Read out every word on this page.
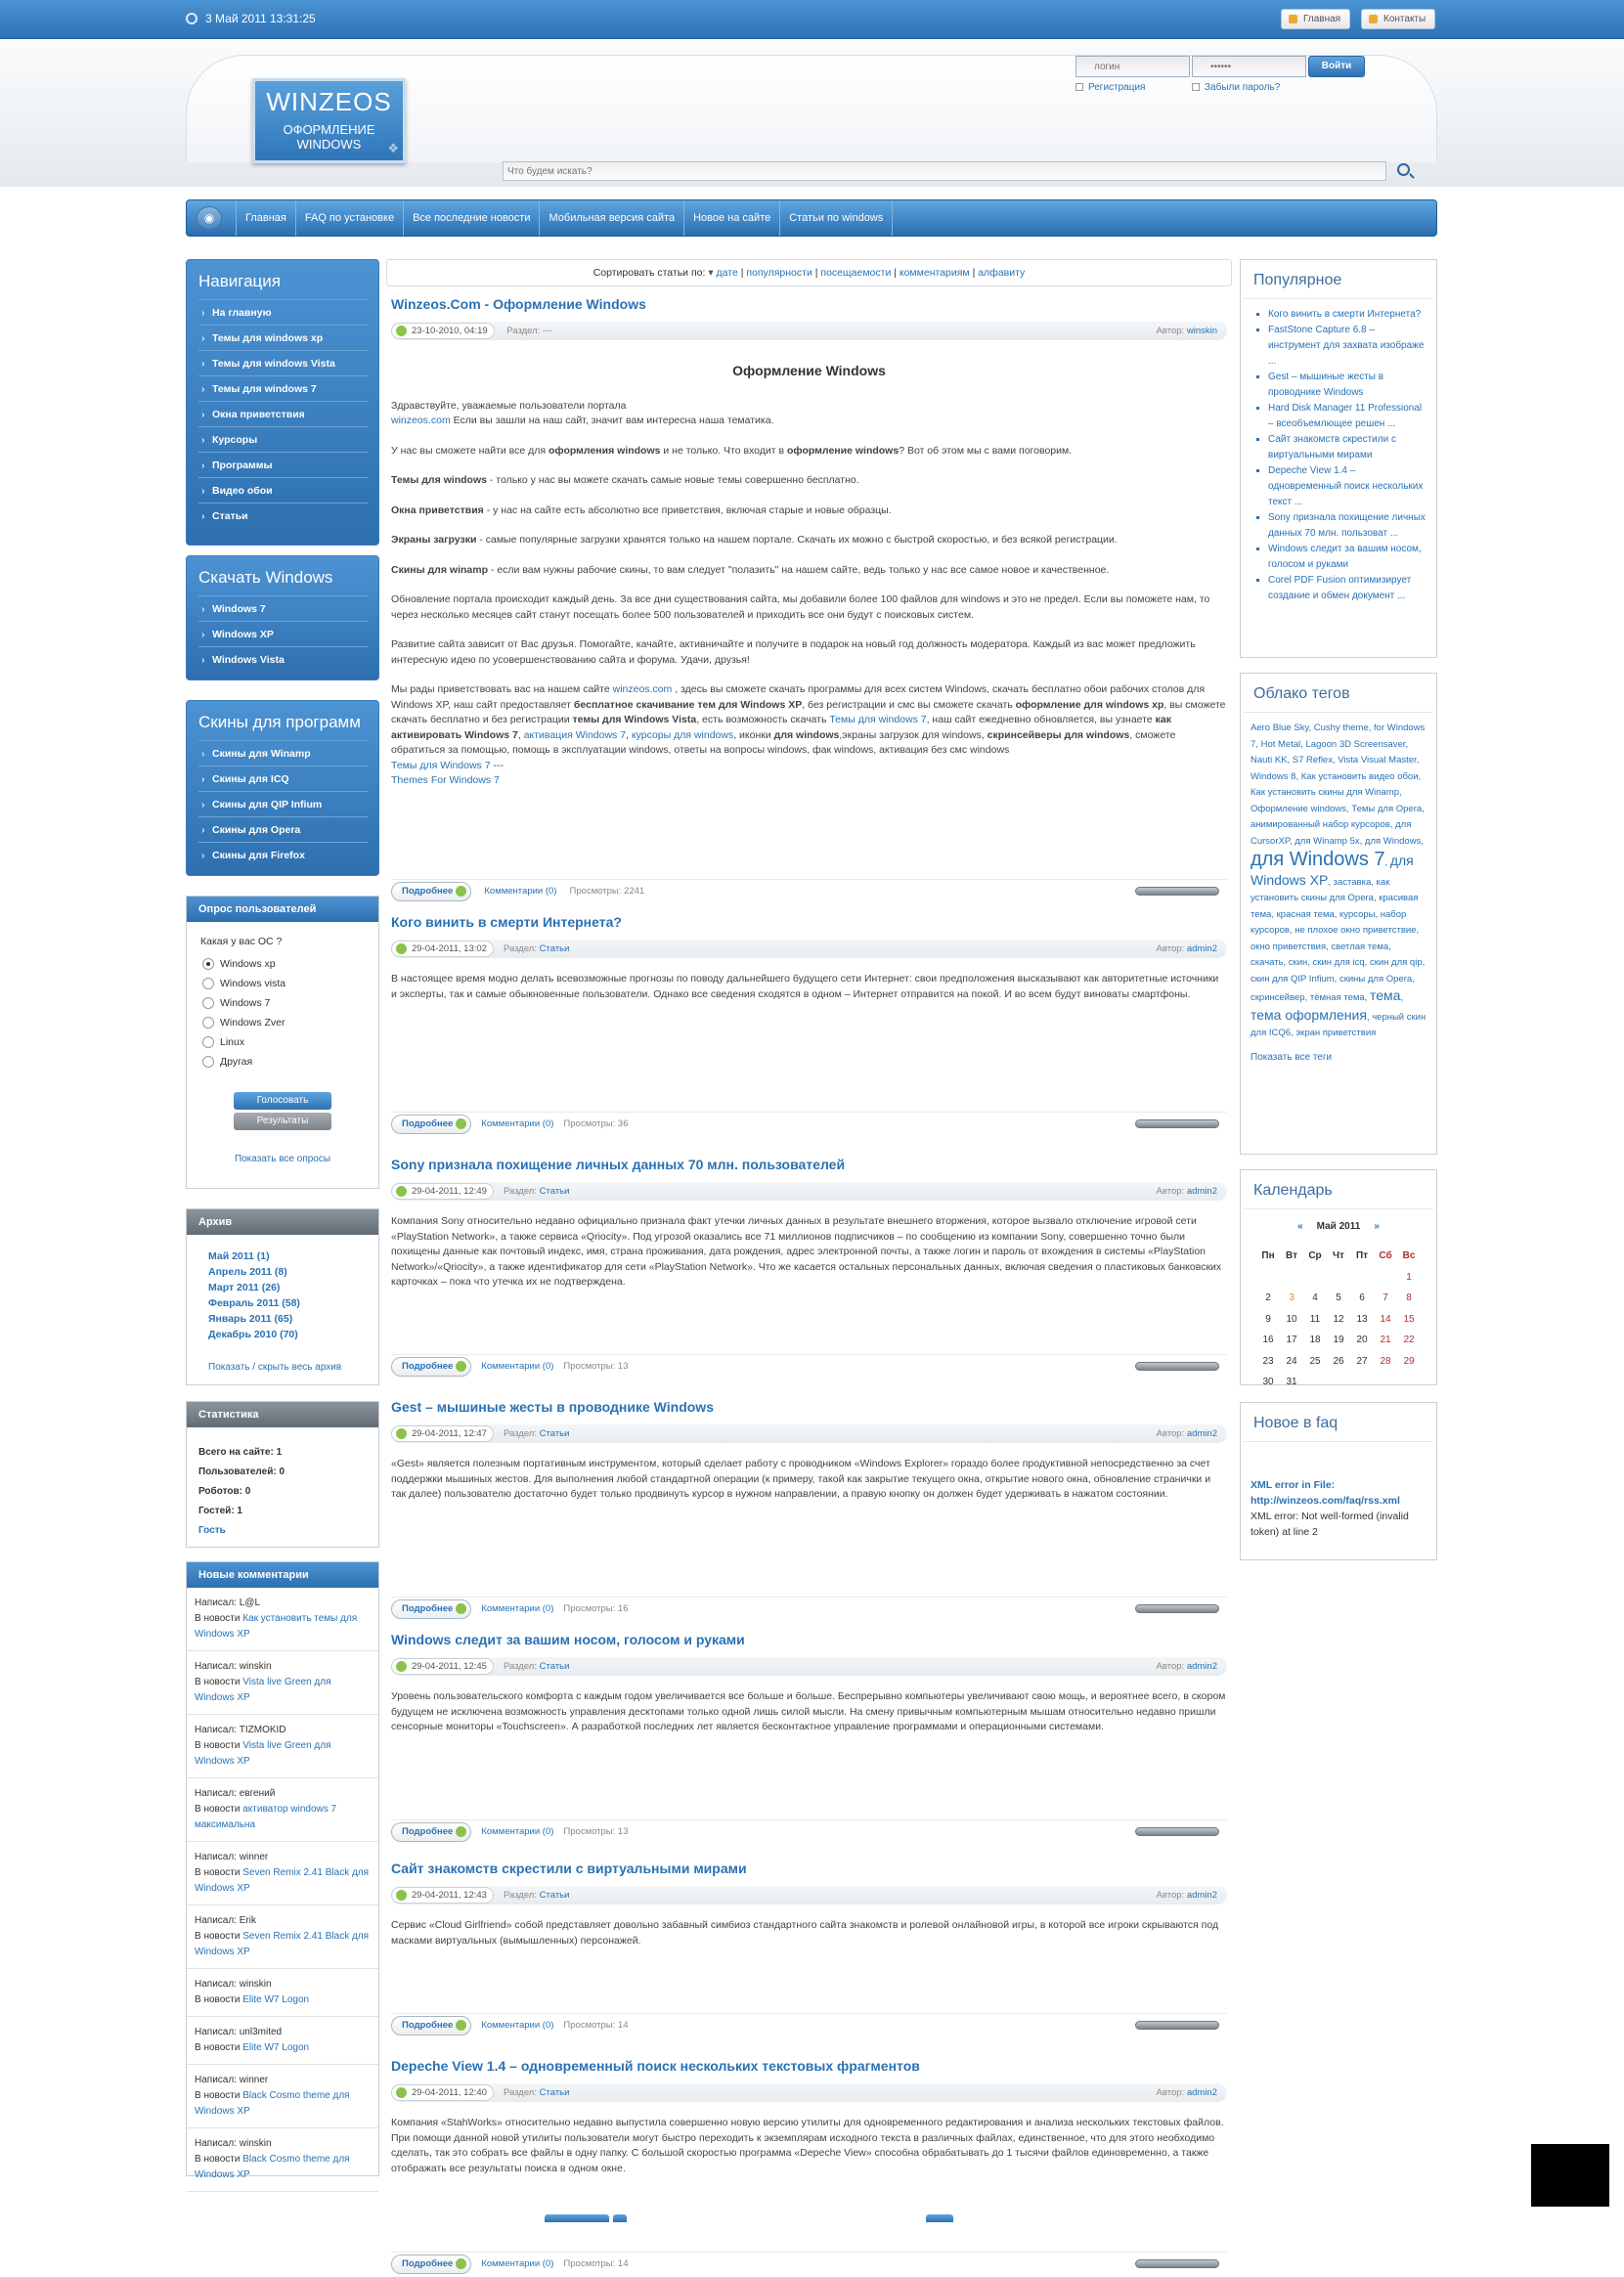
3 Май 2011 13:31:25	Главная	Контакты
WINZEOS
ОФОРМЛЕНИЕ
WINDOWS	❖
логин
••••••
Войти
Регистрация	Забыли пароль?
Что будем искать?
◉	Главная	FAQ по установке	Все последние новости	Мобильная версия сайта	Новое на сайте	Статьи по windows
Навигация
› На главную
› Темы для windows xp
› Темы для windows Vista
› Темы для windows 7
› Окна приветствия
› Курсоры
› Программы
› Видео обои
› Статьи
Скачать Windows
› Windows 7
› Windows XP
› Windows Vista
Скины для программ
› Скины для Winamp
› Скины для ICQ
› Скины для QIP Infium
› Скины для Opera
› Скины для Firefox
Опрос пользователей
Какая у вас ОС ?
Windows xp
Windows vista
Windows 7
Windows Zver
Linux
Другая
Голосовать
Результаты
Показать все опросы
Архив
Май 2011 (1)
Апрель 2011 (8)
Март 2011 (26)
Февраль 2011 (58)
Январь 2011 (65)
Декабрь 2010 (70)
Показать / скрыть весь архив
Статистика
Всего на сайте: 1
Пользователей: 0
Роботов: 0
Гостей: 1
Гость
Новые комментарии
Написал: L@L
В новости Как установить темы для Windows XP
Написал: winskin
В новости Vista live Green для Windows XP
Написал: TIZMOKID
В новости Vista live Green для Windows XP
Написал: евгений
В новости активатор windows 7 максимальна
Написал: winner
В новости Seven Remix 2.41 Black для Windows XP
Написал: Erik
В новости Seven Remix 2.41 Black для Windows XP
Написал: winskin
В новости Elite W7 Logon
Написал: unl3mited
В новости Elite W7 Logon
Написал: winner
В новости Black Cosmo theme для Windows XP
Написал: winskin
В новости Black Cosmo theme для Windows XP
Сортировать статьи по: ▾ дате | популярности | посещаемости | комментариям | алфавиту
Winzeos.Com - Оформление Windows
23-10-2010, 04:19 Раздел: ---	Автор: winskin
Оформление Windows

Здравствуйте, уважаемые пользователи портала
winzeos.com Если вы зашли на наш сайт, значит вам интересна наша тематика.

У нас вы сможете найти все для оформления windows и не только. Что входит в оформление windows? Вот об этом мы с вами поговорим.

Темы для windows - только у нас вы можете скачать самые новые темы совершенно бесплатно.

Окна приветствия - у нас на сайте есть абсолютно все приветствия, включая старые и новые образцы.

Экраны загрузки - самые популярные загрузки хранятся только на нашем портале. Скачать их можно с быстрой скоростью, и без всякой регистрации.

Скины для winamp - если вам нужны рабочие скины, то вам следует "полазить" на нашем сайте, ведь только у нас все самое новое и качественное.

Обновление портала происходит каждый день. За все дни существования сайта, мы добавили более 100 файлов для windows и это не предел. Если вы поможете нам, то через несколько месяцев сайт станут посещать более 500 пользователей и приходить все они будут с поисковых систем.

Развитие сайта зависит от Вас друзья. Помогайте, качайте, активничайте и получите в подарок на новый год должность модератора. Каждый из вас может предложить интересную идею по усовершенствованию сайта и форума. Удачи, друзья!

Мы рады приветствовать вас на нашем сайте winzeos.com , здесь вы сможете скачать программы для всех систем Windows, скачать бесплатно обои рабочих столов для Windows XP, наш сайт предоставляет бесплатное скачивание тем для Windows XP, без регистрации и смс вы сможете скачать оформление для windows xp, вы сможете скачать бесплатно и без регистрации темы для Windows Vista, есть возможность скачать Темы для windows 7, наш сайт ежедневно обновляется, вы узнаете как активировать Windows 7, активация Windows 7, курсоры для windows, иконки для windows,экраны загрузок для windows, скринсейверы для windows, сможете обратиться за помощью, помощь в эксплуатации windows, ответы на вопросы windows, фак windows, активация без смс windows

Темы для Windows 7 ---
Themes For Windows 7
Подробнее	Комментарии (0) Просмотры: 2241
Кого винить в смерти Интернета?
29-04-2011, 13:02 Раздел: Статьи	Автор: admin2
В настоящее время модно делать всевозможные прогнозы по поводу дальнейшего будущего сети Интернет: свои предположения высказывают как авторитетные источники и эксперты, так и самые обыкновенные пользователи. Однако все сведения сходятся в одном – Интернет отправится на покой. И во всем будут виноваты смартфоны.
Подробнее	Комментарии (0) Просмотры: 36
Sony признала похищение личных данных 70 млн. пользователей
29-04-2011, 12:49 Раздел: Статьи	Автор: admin2
Компания Sony относительно недавно официально признала факт утечки личных данных в результате внешнего вторжения, которое вызвало отключение игровой сети «PlayStation Network», а также сервиса «Qriocity». Под угрозой оказались все 71 миллионов подписчиков – по сообщению из компании Sony, совершенно точно были похищены данные как почтовый индекс, имя, страна проживания, дата рождения, адрес электронной почты, а также логин и пароль от вхождения в системы «PlayStation Network»/«Qriocity», а также идентификатор для сети «PlayStation Network». Что же касается остальных персональных данных, включая сведения о пластиковых банковских карточках – пока что утечка их не подтверждена.
Подробнее	Комментарии (0) Просмотры: 13
Gest – мышиные жесты в проводнике Windows
29-04-2011, 12:47 Раздел: Статьи	Автор: admin2
«Gest» является полезным портативным инструментом, который сделает работу с проводником «Windows Explorer» гораздо более продуктивной непосредственно за счет поддержки мышиных жестов. Для выполнения любой стандартной операции (к примеру, такой как закрытие текущего окна, открытие нового окна, обновление странички и так далее) пользователю достаточно будет только продвинуть курсор в нужном направлении, а правую кнопку он должен будет удерживать в нажатом состоянии.
Подробнее	Комментарии (0) Просмотры: 16
Windows следит за вашим носом, голосом и руками
29-04-2011, 12:45 Раздел: Статьи	Автор: admin2
Уровень пользовательского комфорта с каждым годом увеличивается все больше и больше. Беспрерывно компьютеры увеличивают свою мощь, и вероятнее всего, в скором будущем не исключена возможность управления десктопами только одной лишь силой мысли. На смену привычным компьютерным мышам относительно недавно пришли сенсорные мониторы «Touchscreen». А разработкой последних лет является бесконтактное управление программами и операционными системами.
Подробнее	Комментарии (0) Просмотры: 13
Сайт знакомств скрестили с виртуальными мирами
29-04-2011, 12:43 Раздел: Статьи	Автор: admin2
Сервис «Cloud Girlfriend» собой представляет довольно забавный симбиоз стандартного сайта знакомств и ролевой онлайновой игры, в которой все игроки скрываются под масками виртуальных (вымышленных) персонажей.
Подробнее	Комментарии (0) Просмотры: 14
Depeche View 1.4 – одновременный поиск нескольких текстовых фрагментов
29-04-2011, 12:40 Раздел: Статьи	Автор: admin2
Компания «StahWorks» относительно недавно выпустила совершенно новую версию утилиты для одновременного редактирования и анализа нескольких текстовых файлов. При помощи данной новой утилиты пользователи могут быстро переходить к экземплярам исходного текста в различных файлах, единственное, что для этого необходимо сделать, так это собрать все файлы в одну папку. С большой скоростью программа «Depeche View» способна обрабатывать до 1 тысячи файлов единовременно, а также отображать все результаты поиска в одном окне.
Подробнее	Комментарии (0) Просмотры: 14
Популярное
▪ Кого винить в смерти Интернета?
▪ FastStone Capture 6.8 – инструмент для захвата изображе ...
▪ Gest – мышиные жесты в проводнике Windows
▪ Hard Disk Manager 11 Professional – всеобъемлющее решен ...
▪ Сайт знакомств скрестили с виртуальными мирами
▪ Depeche View 1.4 – одновременный поиск нескольких текст ...
▪ Sony признала похищение личных данных 70 млн. пользоват ...
▪ Windows следит за вашим носом, голосом и руками
▪ Corel PDF Fusion оптимизирует создание и обмен документ ...
Облако тегов
Aero Blue Sky, Cushy theme, for Windows 7, Hot Metal, Lagoon 3D Screensaver, Nauti KK, S7 Reflex, Vista Visual Master, Windows 8, Как установить видео обои, Как установить скины для Winamp, Оформление windows, Темы для Opera, анимированный набор курсоров, для CursorXP, для Winamp 5x, для Windows, для Windows 7, для Windows XP, заставка, как установить скины для Opera, красивая тема, красная тема, курсоры, набор курсоров, не плохое окно приветствие, окно приветствия, светлая тема, скачать, скин, скин для icq, скин для qip, скин для QIP Infium, скины для Opera, скринсейвер, тёмная тема, тема, тема оформления, черный скин для ICQ6, экран приветствия
Показать все теги
Календарь
« Май 2011 »
Пн	Вт	Ср	Чт	Пт	Сб	Вс
						1
2	3	4	5	6	7	8
9	10	11	12	13	14	15
16	17	18	19	20	21	22
23	24	25	26	27	28	29
30	31					
Новое в faq
XML error in File: http://winzeos.com/faq/rss.xml
XML error: Not well-formed (invalid token) at line 2
